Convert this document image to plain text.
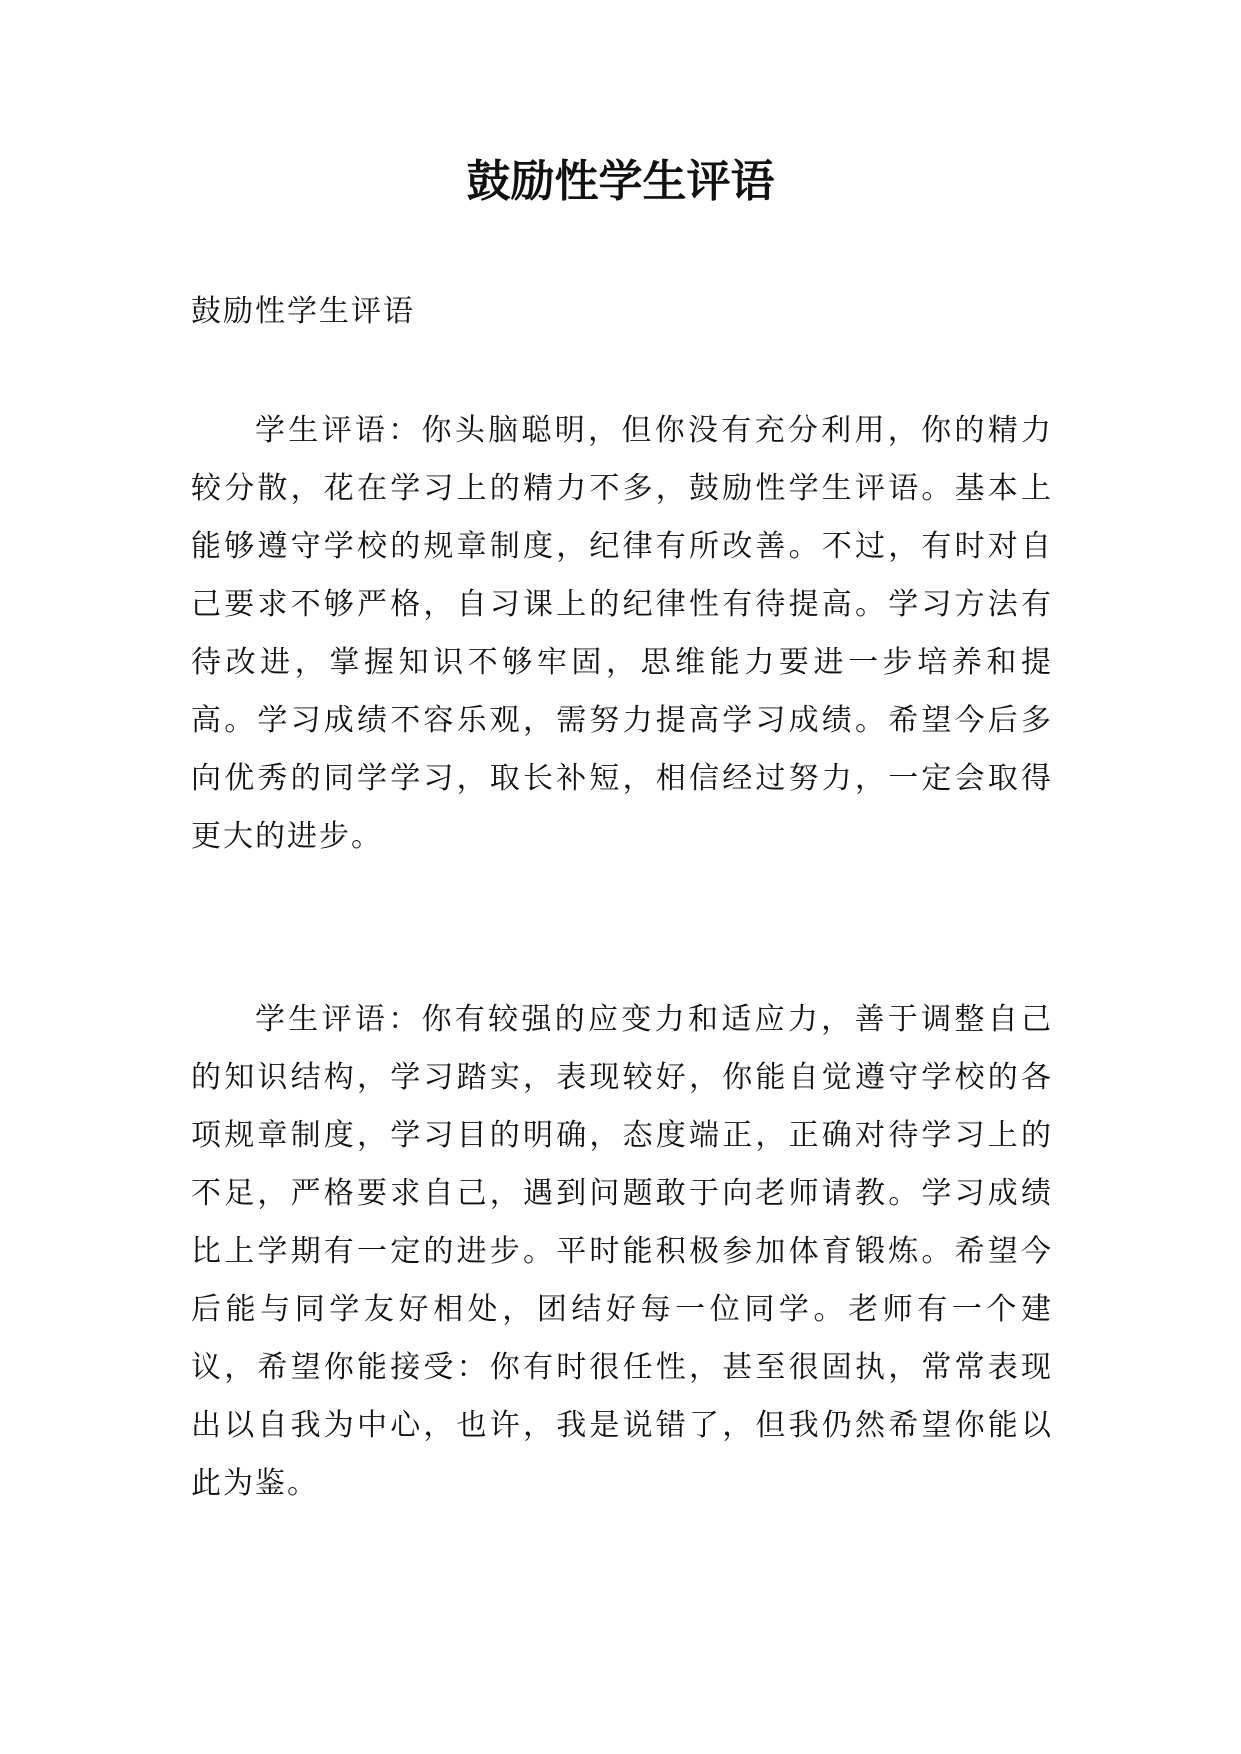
鼓励性学生评语

鼓励性学生评语

学生评语：你头脑聪明，但你没有充分利用，你的精力较分散，花在学习上的精力不多，鼓励性学生评语。基本上能够遵守学校的规章制度，纪律有所改善。不过，有时对自己要求不够严格，自习课上的纪律性有待提高。学习方法有待改进，掌握知识不够牢固，思维能力要进一步培养和提高。学习成绩不容乐观，需努力提高学习成绩。希望今后多向优秀的同学学习，取长补短，相信经过努力，一定会取得更大的进步。

学生评语：你有较强的应变力和适应力，善于调整自己的知识结构，学习踏实，表现较好，你能自觉遵守学校的各项规章制度，学习目的明确，态度端正，正确对待学习上的不足，严格要求自己，遇到问题敢于向老师请教。学习成绩比上学期有一定的进步。平时能积极参加体育锻炼。希望今后能与同学友好相处，团结好每一位同学。老师有一个建议，希望你能接受：你有时很任性，甚至很固执，常常表现出以自我为中心，也许，我是说错了，但我仍然希望你能以此为鉴。
